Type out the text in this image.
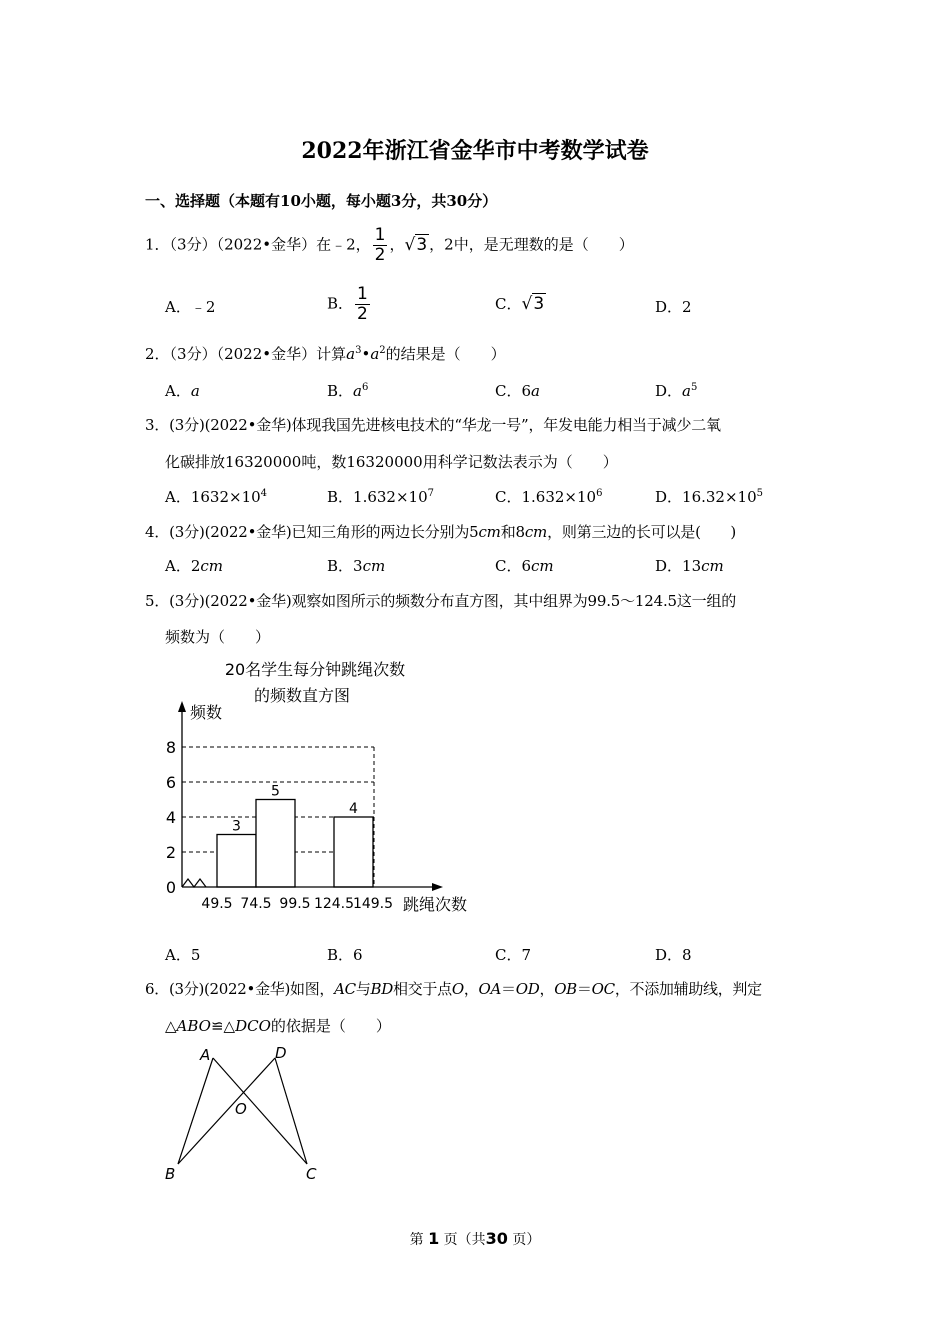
2022年浙江省金华市中考数学试卷
一、选择题（本题有10小题，每小题3分，共30分）
1．（3分）（2022•金华）在﹣2， $\frac{1}{2}$ ，√3 ，2中，是无理数的是（　　）
A．﹣2	B． $\frac{1}{2}$	C．√3	D．2
2．（3分）（2022•金华）计算$a^3•a^2$的结果是（　　）
A．a	B．$a^6$	C．6a	D．$a^5$
3．(3分)(2022•金华)体现我国先进核电技术的“华龙一号”，年发电能力相当于减少二氧
化碳排放16320000吨，数16320000用科学记数法表示为（　　）
A．$1632\times 10^4$	B．$1.632\times 10^7$	C．$1.632\times 10^6$	D．$16.32\times 10^5$
4．(3分)(2022•金华)已知三角形的两边长分别为5cm和8cm，则第三边的长可以是(　　)
A．2cm	B．3cm	C．6cm	D．13cm
5．(3分)(2022•金华)观察如图所示的频数分布直方图，其中组界为99.5～124.5这一组的
频数为（　　）
20名学生每分钟跳绳次数
的频数直方图
3
5
4
0
2
4
6
8
49.5 74.5 99.5 124.5
149.5
频数
跳绳次数
A．5	B．6	C．7	D．8
6．(3分)(2022•金华)如图，AC与BD相交于点O，OA＝OD，OB＝OC，不添加辅助线，判定
△ABO≌△DCO的依据是（　　）
A	D
O
B	C
第 1 页（共30 页）
